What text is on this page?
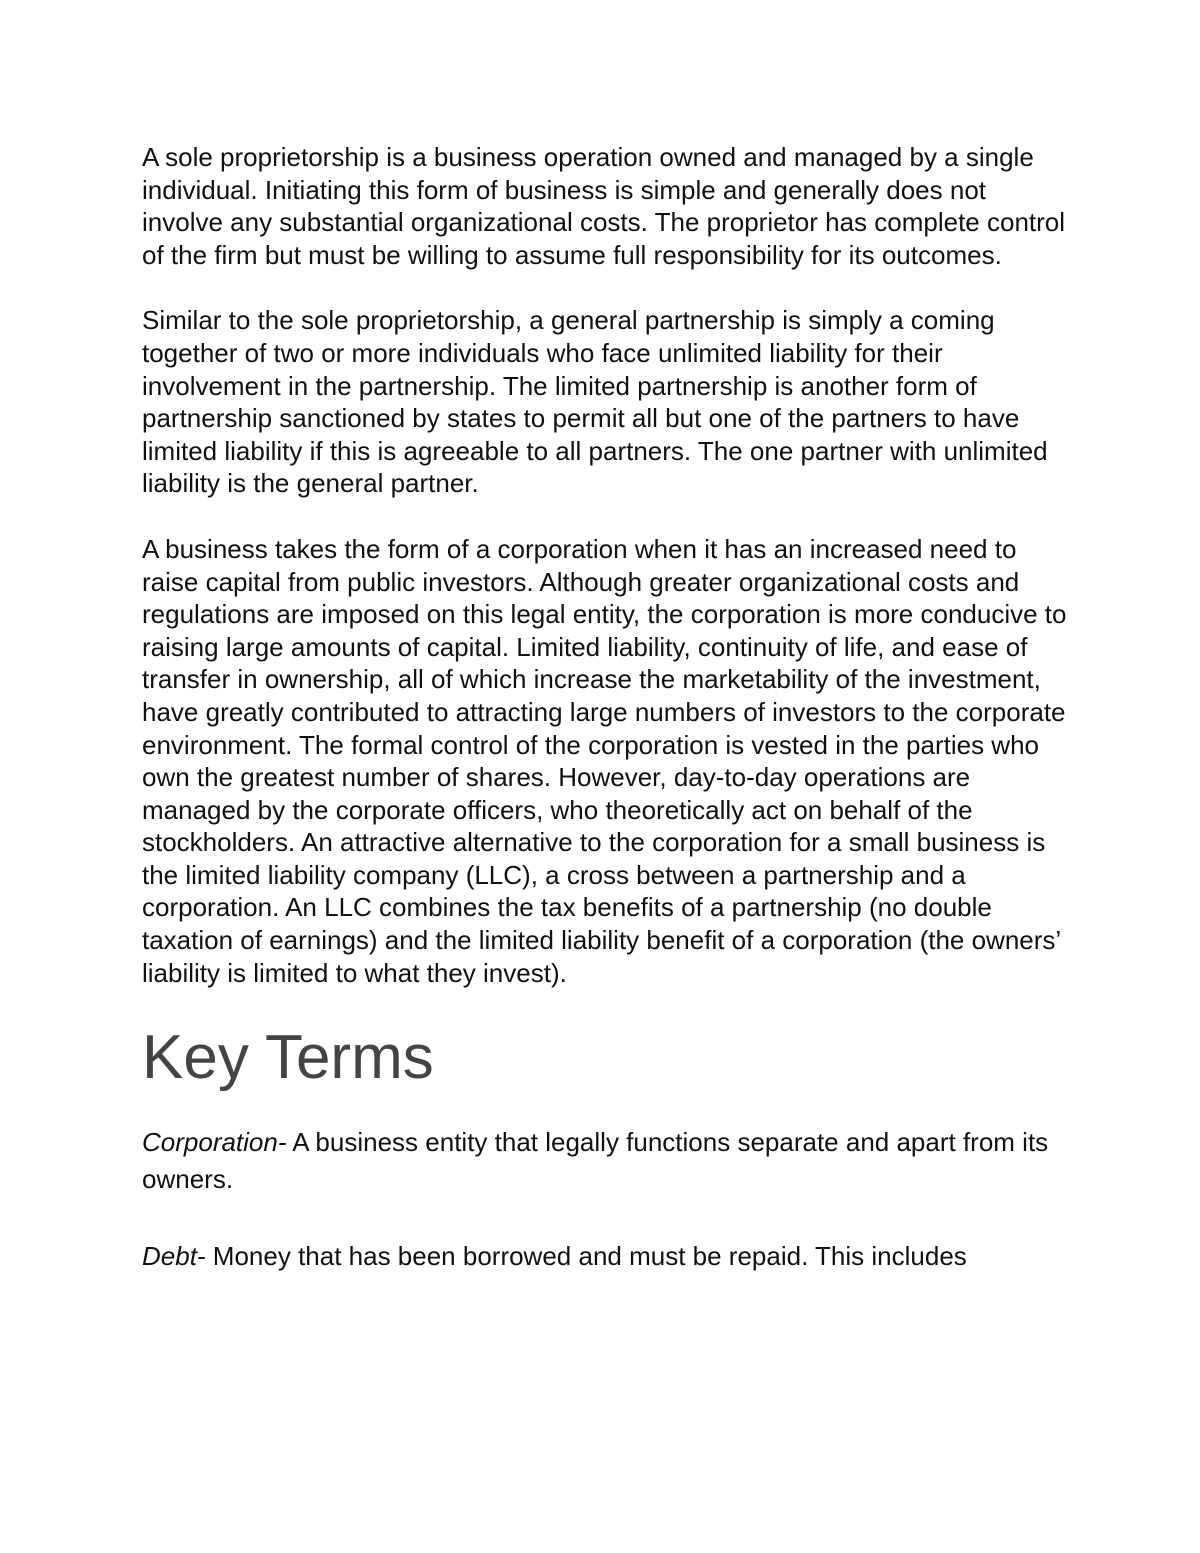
A sole proprietorship is a business operation owned and managed by a single individual. Initiating this form of business is simple and generally does not involve any substantial organizational costs. The proprietor has complete control of the firm but must be willing to assume full responsibility for its outcomes.

Similar to the sole proprietorship, a general partnership is simply a coming together of two or more individuals who face unlimited liability for their involvement in the partnership. The limited partnership is another form of partnership sanctioned by states to permit all but one of the partners to have limited liability if this is agreeable to all partners. The one partner with unlimited liability is the general partner.

A business takes the form of a corporation when it has an increased need to raise capital from public investors. Although greater organizational costs and regulations are imposed on this legal entity, the corporation is more conducive to raising large amounts of capital. Limited liability, continuity of life, and ease of transfer in ownership, all of which increase the marketability of the investment, have greatly contributed to attracting large numbers of investors to the corporate environment. The formal control of the corporation is vested in the parties who own the greatest number of shares. However, day-to-day operations are managed by the corporate officers, who theoretically act on behalf of the stockholders. An attractive alternative to the corporation for a small business is the limited liability company (LLC), a cross between a partnership and a corporation. An LLC combines the tax benefits of a partnership (no double taxation of earnings) and the limited liability benefit of a corporation (the owners’ liability is limited to what they invest).

Key Terms

Corporation- A business entity that legally functions separate and apart from its owners.

Debt- Money that has been borrowed and must be repaid. This includes
